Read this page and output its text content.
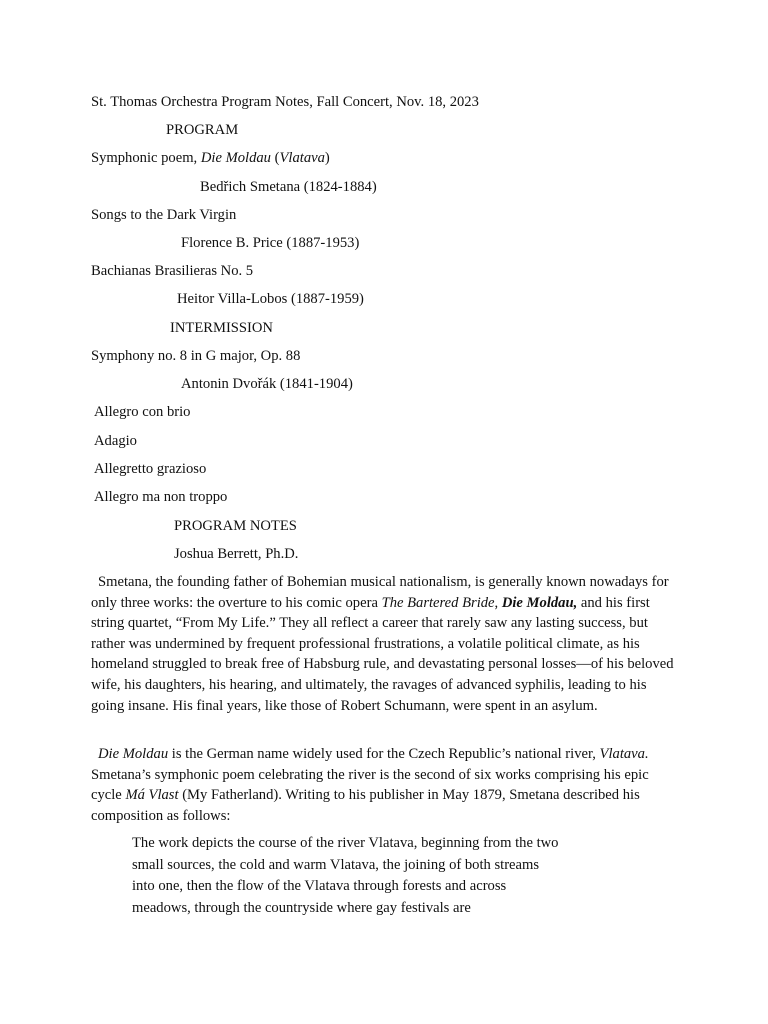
St. Thomas Orchestra Program Notes, Fall Concert, Nov. 18, 2023
PROGRAM
Symphonic poem, Die Moldau (Vlatava)
Bedřich Smetana (1824-1884)
Songs to the Dark Virgin
Florence B. Price (1887-1953)
Bachianas Brasilieras No. 5
Heitor Villa-Lobos (1887-1959)
INTERMISSION
Symphony no. 8 in G major, Op. 88
Antonin Dvořák (1841-1904)
Allegro con brio
Adagio
Allegretto grazioso
Allegro ma non troppo
PROGRAM NOTES
Joshua Berrett, Ph.D.
Smetana, the founding father of Bohemian musical nationalism, is generally known nowadays for only three works: the overture to his comic opera The Bartered Bride, Die Moldau, and his first string quartet, “From My Life.” They all reflect a career that rarely saw any lasting success, but rather was undermined by frequent professional frustrations, a volatile political climate, as his homeland struggled to break free of Habsburg rule, and devastating personal losses—of his beloved wife, his daughters, his hearing, and ultimately, the ravages of advanced syphilis, leading to his going insane. His final years, like those of Robert Schumann, were spent in an asylum.
Die Moldau is the German name widely used for the Czech Republic’s national river, Vlatava. Smetana’s symphonic poem celebrating the river is the second of six works comprising his epic cycle Má Vlast (My Fatherland). Writing to his publisher in May 1879, Smetana described his composition as follows:
The work depicts the course of the river Vlatava, beginning from the two small sources, the cold and warm Vlatava, the joining of both streams into one, then the flow of the Vlatava through forests and across meadows, through the countryside where gay festivals are
